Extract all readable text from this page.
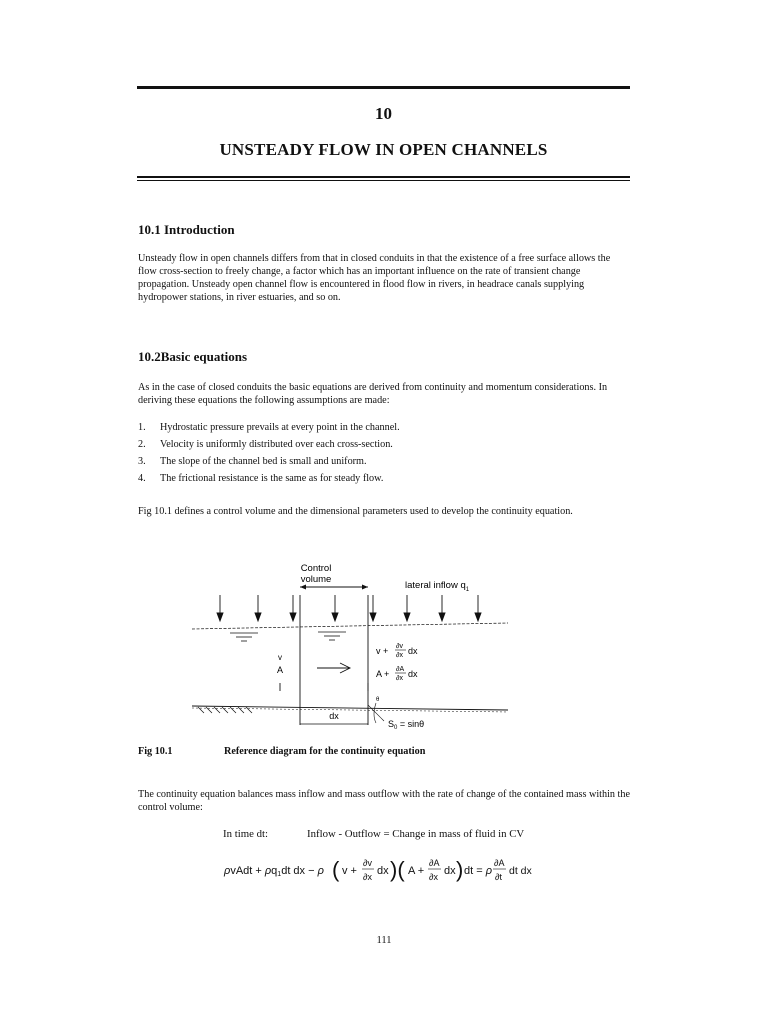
10
UNSTEADY FLOW IN OPEN CHANNELS
10.1 Introduction

Unsteady flow in open channels differs from that in closed conduits in that the existence of a free surface allows the flow cross-section to freely change, a factor which has an important influence on the rate of transient change propagation. Unsteady open channel flow is encountered in flood flow in rivers, in headrace canals supplying hydropower stations, in river estuaries, and so on.

10.2Basic equations

As in the case of closed conduits the basic equations are derived from continuity and momentum considerations. In deriving these equations the following assumptions are made:

1.	Hydrostatic pressure prevails at every point in the channel.
2.	Velocity is uniformly distributed over each cross-section.
3.	The slope of the channel bed is small and uniform.
4.	The frictional resistance is the same as for steady flow.

Fig 10.1 defines a control volume and the dimensional parameters used to develop the continuity equation.

Control
volume
lateral inflow $q_1$
v
A
v + ∂v
∂x dx
A + ∂A
∂x dx
θ
dx
$S_0 = \sin\theta$
Fig 10.1	Reference diagram for the continuity equation

The continuity equation balances mass inflow and mass outflow with the rate of change of the contained mass within the control volume:

In time dt:	Inflow - Outflow = Change in mass of fluid in CV
ρvAdt + ρq1dt dx − ρ ( v +
∂v
∂x dx )( A +
∂A
∂x dx ) dt = ρ
∂A
∂t dt dx
111
